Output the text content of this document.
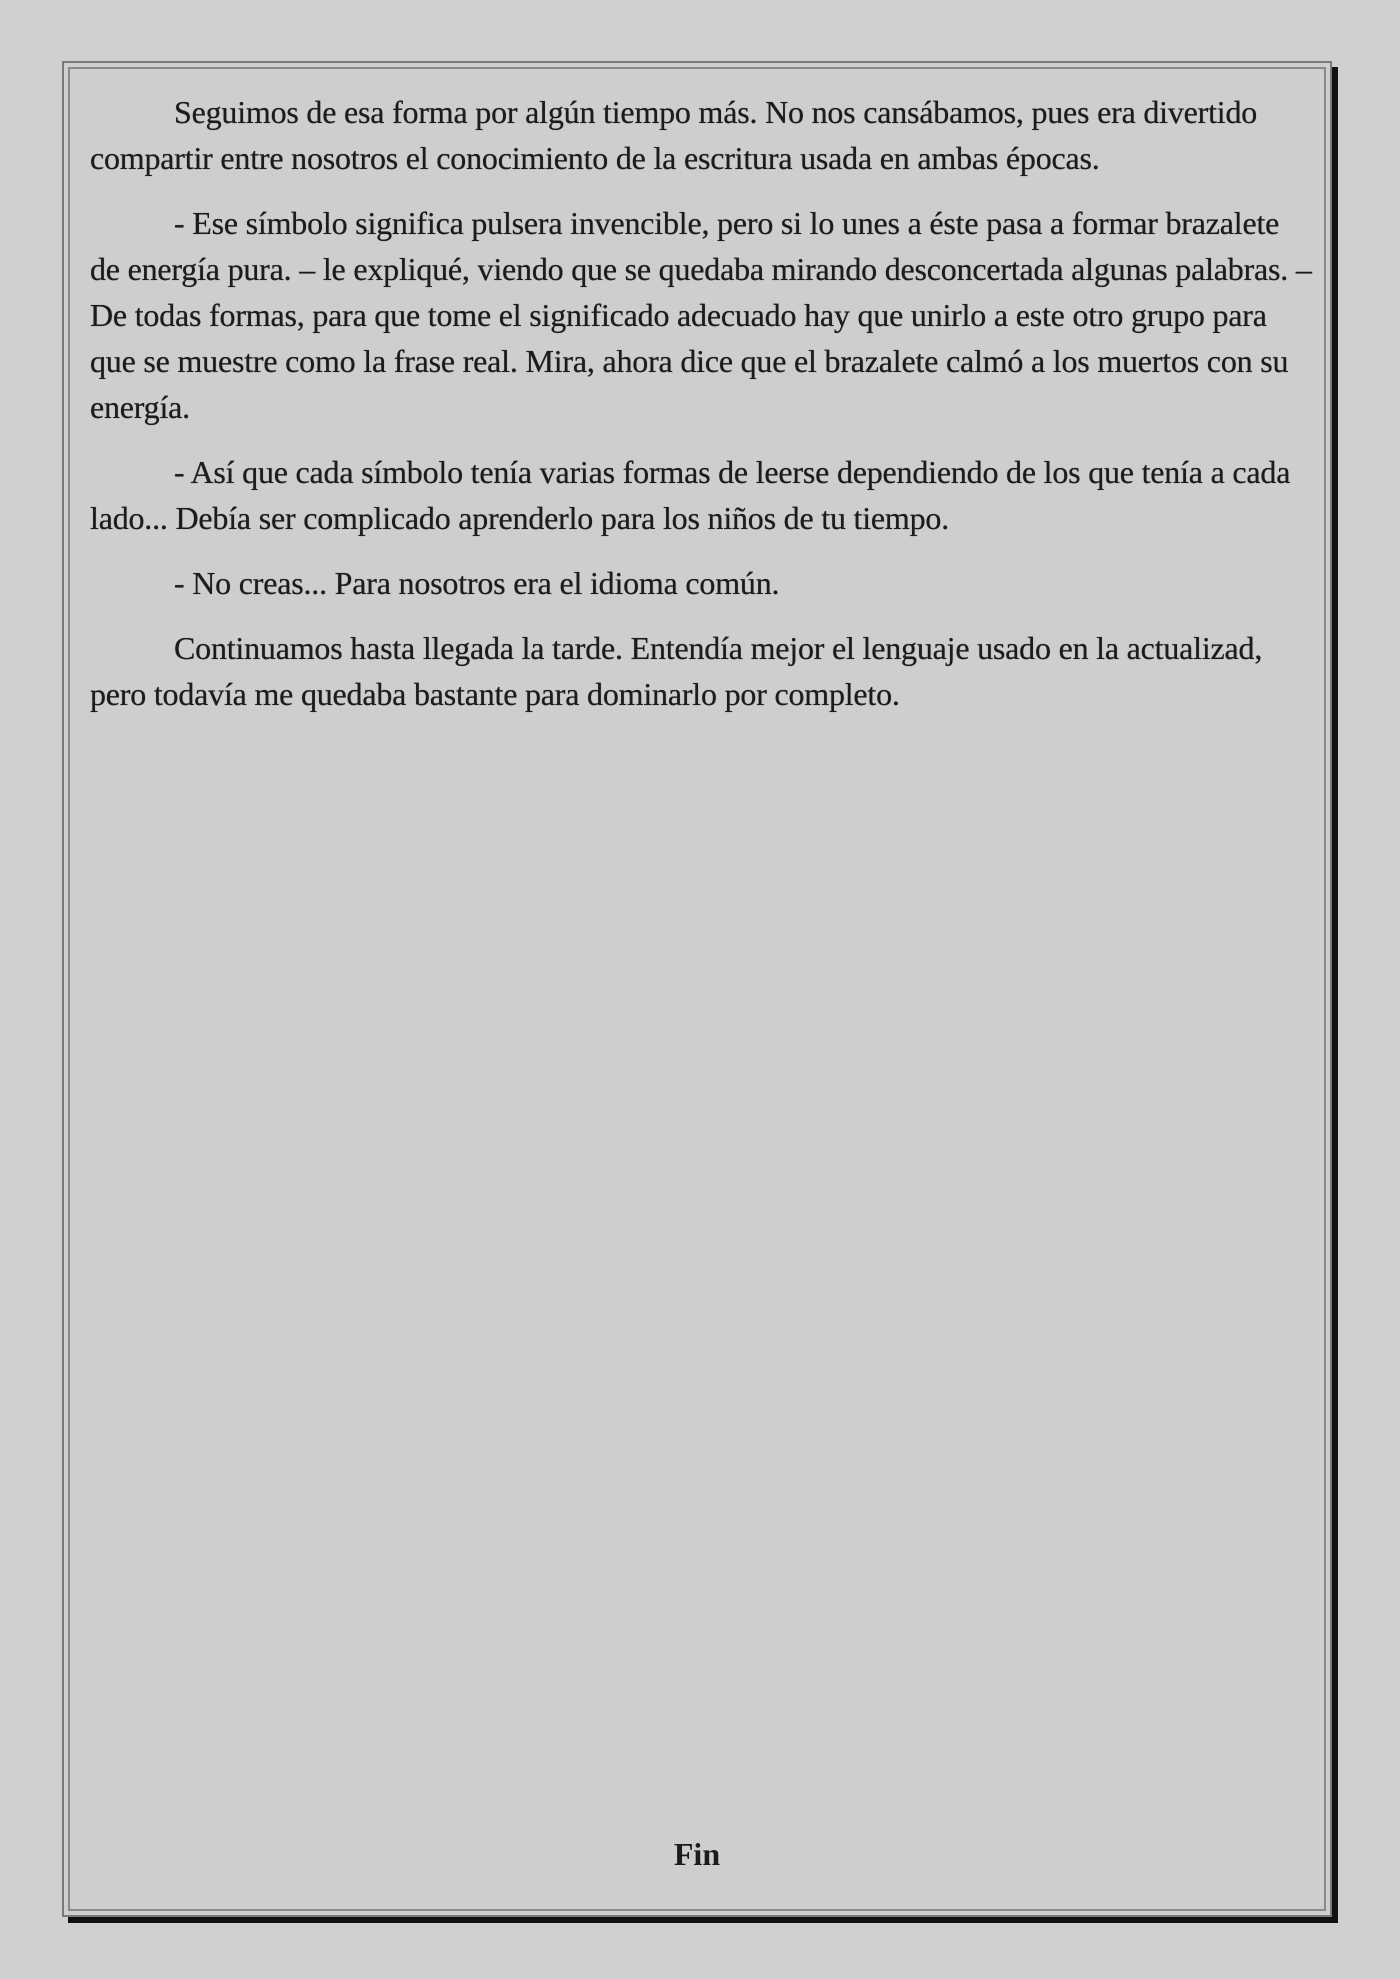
Seguimos de esa forma por algún tiempo más. No nos cansábamos, pues era divertido compartir entre nosotros el conocimiento de la escritura usada en ambas épocas.

- Ese símbolo significa pulsera invencible, pero si lo unes a éste pasa a formar brazalete de energía pura. – le expliqué, viendo que se quedaba mirando desconcertada algunas palabras. – De todas formas, para que tome el significado adecuado hay que unirlo a este otro grupo para que se muestre como la frase real. Mira, ahora dice que el brazalete calmó a los muertos con su energía.

- Así que cada símbolo tenía varias formas de leerse dependiendo de los que tenía a cada lado... Debía ser complicado aprenderlo para los niños de tu tiempo.

- No creas... Para nosotros era el idioma común.

Continuamos hasta llegada la tarde. Entendía mejor el lenguaje usado en la actualizad, pero todavía me quedaba bastante para dominarlo por completo.

Fin
